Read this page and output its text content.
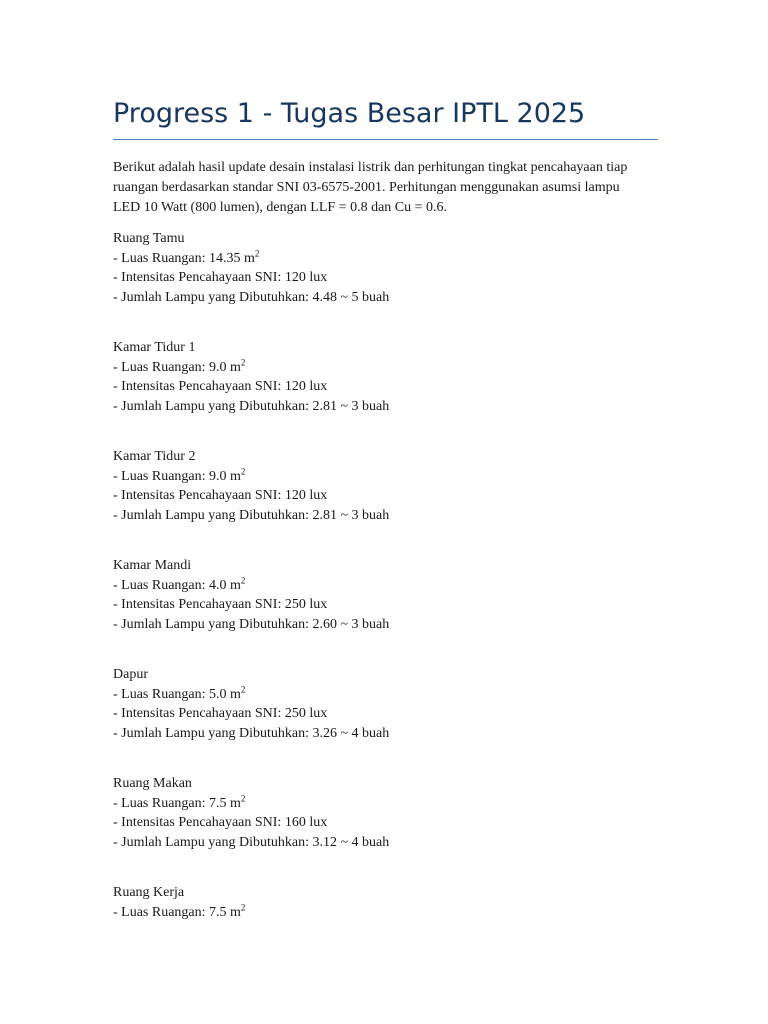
Progress 1 - Tugas Besar IPTL 2025

Berikut adalah hasil update desain instalasi listrik dan perhitungan tingkat pencahayaan tiap ruangan berdasarkan standar SNI 03-6575-2001. Perhitungan menggunakan asumsi lampu LED 10 Watt (800 lumen), dengan LLF = 0.8 dan Cu = 0.6.

Ruang Tamu
- Luas Ruangan: 14.35 $m^2$
- Intensitas Pencahayaan SNI: 120 lux
- Jumlah Lampu yang Dibutuhkan: 4.48 ~ 5 buah
Kamar Tidur 1
- Luas Ruangan: 9.0 $m^2$
- Intensitas Pencahayaan SNI: 120 lux
- Jumlah Lampu yang Dibutuhkan: 2.81 ~ 3 buah
Kamar Tidur 2
- Luas Ruangan: 9.0 $m^2$
- Intensitas Pencahayaan SNI: 120 lux
- Jumlah Lampu yang Dibutuhkan: 2.81 ~ 3 buah
Kamar Mandi
- Luas Ruangan: 4.0 $m^2$
- Intensitas Pencahayaan SNI: 250 lux
- Jumlah Lampu yang Dibutuhkan: 2.60 ~ 3 buah
Dapur
- Luas Ruangan: 5.0 $m^2$
- Intensitas Pencahayaan SNI: 250 lux
- Jumlah Lampu yang Dibutuhkan: 3.26 ~ 4 buah
Ruang Makan
- Luas Ruangan: 7.5 $m^2$
- Intensitas Pencahayaan SNI: 160 lux
- Jumlah Lampu yang Dibutuhkan: 3.12 ~ 4 buah
Ruang Kerja
- Luas Ruangan: 7.5 $m^2$
